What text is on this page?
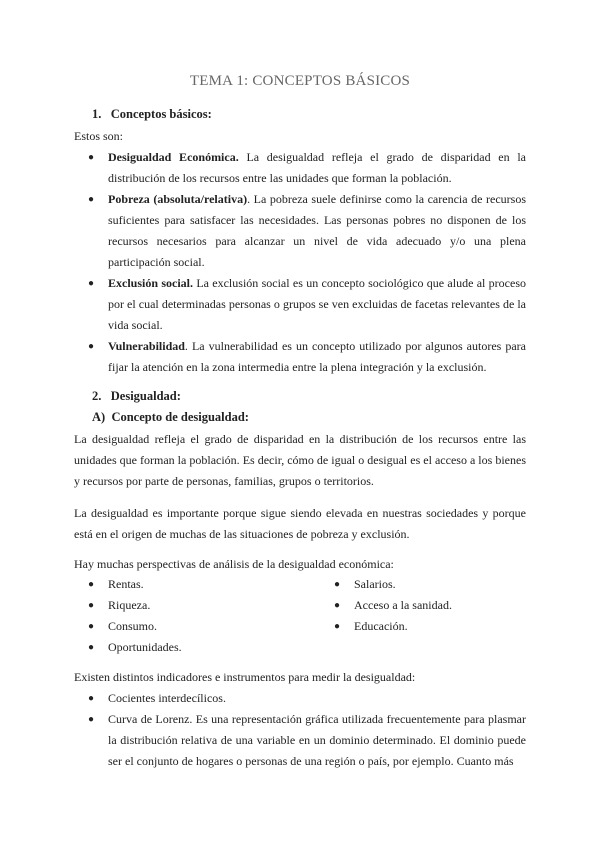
TEMA 1: CONCEPTOS BÁSICOS
1.   Conceptos básicos:
Estos son:
● Desigualdad Económica. La desigualdad refleja el grado de disparidad en la distribución de los recursos entre las unidades que forman la población.
● Pobreza (absoluta/relativa). La pobreza suele definirse como la carencia de recursos suficientes para satisfacer las necesidades. Las personas pobres no disponen de los recursos necesarios para alcanzar un nivel de vida adecuado y/o una plena participación social.
● Exclusión social. La exclusión social es un concepto sociológico que alude al proceso por el cual determinadas personas o grupos se ven excluidas de facetas relevantes de la vida social.
● Vulnerabilidad. La vulnerabilidad es un concepto utilizado por algunos autores para fijar la atención en la zona intermedia entre la plena integración y la exclusión.
2.   Desigualdad:
A)  Concepto de desigualdad:
La desigualdad refleja el grado de disparidad en la distribución de los recursos entre las unidades que forman la población. Es decir, cómo de igual o desigual es el acceso a los bienes y recursos por parte de personas, familias, grupos o territorios.
La desigualdad es importante porque sigue siendo elevada en nuestras sociedades y porque está en el origen de muchas de las situaciones de pobreza y exclusión.
Hay muchas perspectivas de análisis de la desigualdad económica:
● Rentas.
● Riqueza.
● Consumo.
● Oportunidades.
● Salarios.
● Acceso a la sanidad.
● Educación.
Existen distintos indicadores e instrumentos para medir la desigualdad:
● Cocientes interdecílicos.
● Curva de Lorenz. Es una representación gráfica utilizada frecuentemente para plasmar la distribución relativa de una variable en un dominio determinado. El dominio puede ser el conjunto de hogares o personas de una región o país, por ejemplo. Cuanto más
